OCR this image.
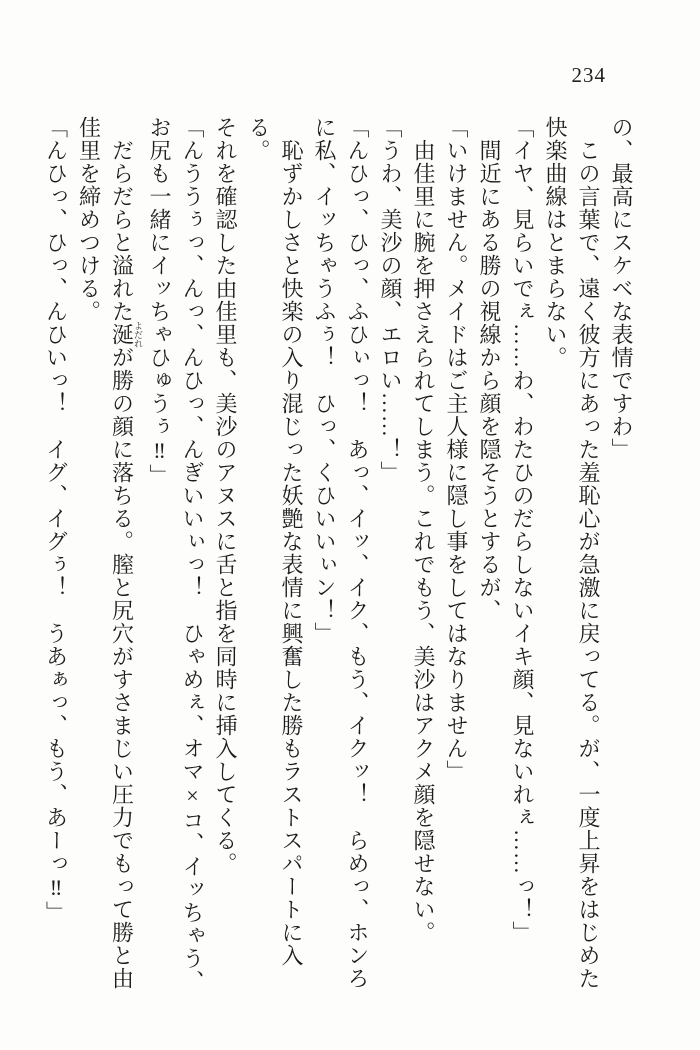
234

の、最高にスケベな表情ですわ」

　この言葉で、遠く彼方にあった羞恥心が急激に戻ってる。が、一度上昇をはじめた

快楽曲線はとまらない。

「イヤ、見らいでぇ……わ、わたひのだらしないイキ顔、見ないれぇ……っ！」

　間近にある勝の視線から顔を隠そうとするが、

「いけません。メイドはご主人様に隠し事をしてはなりません」

　由佳里に腕を押さえられてしまう。これでもう、美沙はアクメ顔を隠せない。

「うわ、美沙の顔、エロい……！」

「んひっ、ひっ、ふひぃっ！　あっ、イッ、イク、もう、イクッ！　らめっ、ホンろ

に私、イッちゃうふぅ！　ひっ、くひいいぃン！」

　恥ずかしさと快楽の入り混じった妖艶な表情に興奮した勝もラストスパートに入る。

それを確認した由佳里も、美沙のアヌスに舌と指を同時に挿入してくる。

「んううぅっ、んっ、んひっ、んぎいいぃっ！　ひゃめぇ、オマ×コ、イッちゃう、

お尻も一緒にイッちゃひゅうぅ‼」

　だらだらと溢れた涎よだれが勝の顔に落ちる。膣と尻穴がすさまじい圧力でもって勝と由

佳里を締めつける。

「んひっ、ひっ、んひいっ！　イグ、イグぅ！　うあぁっ、もう、あーっ‼」
